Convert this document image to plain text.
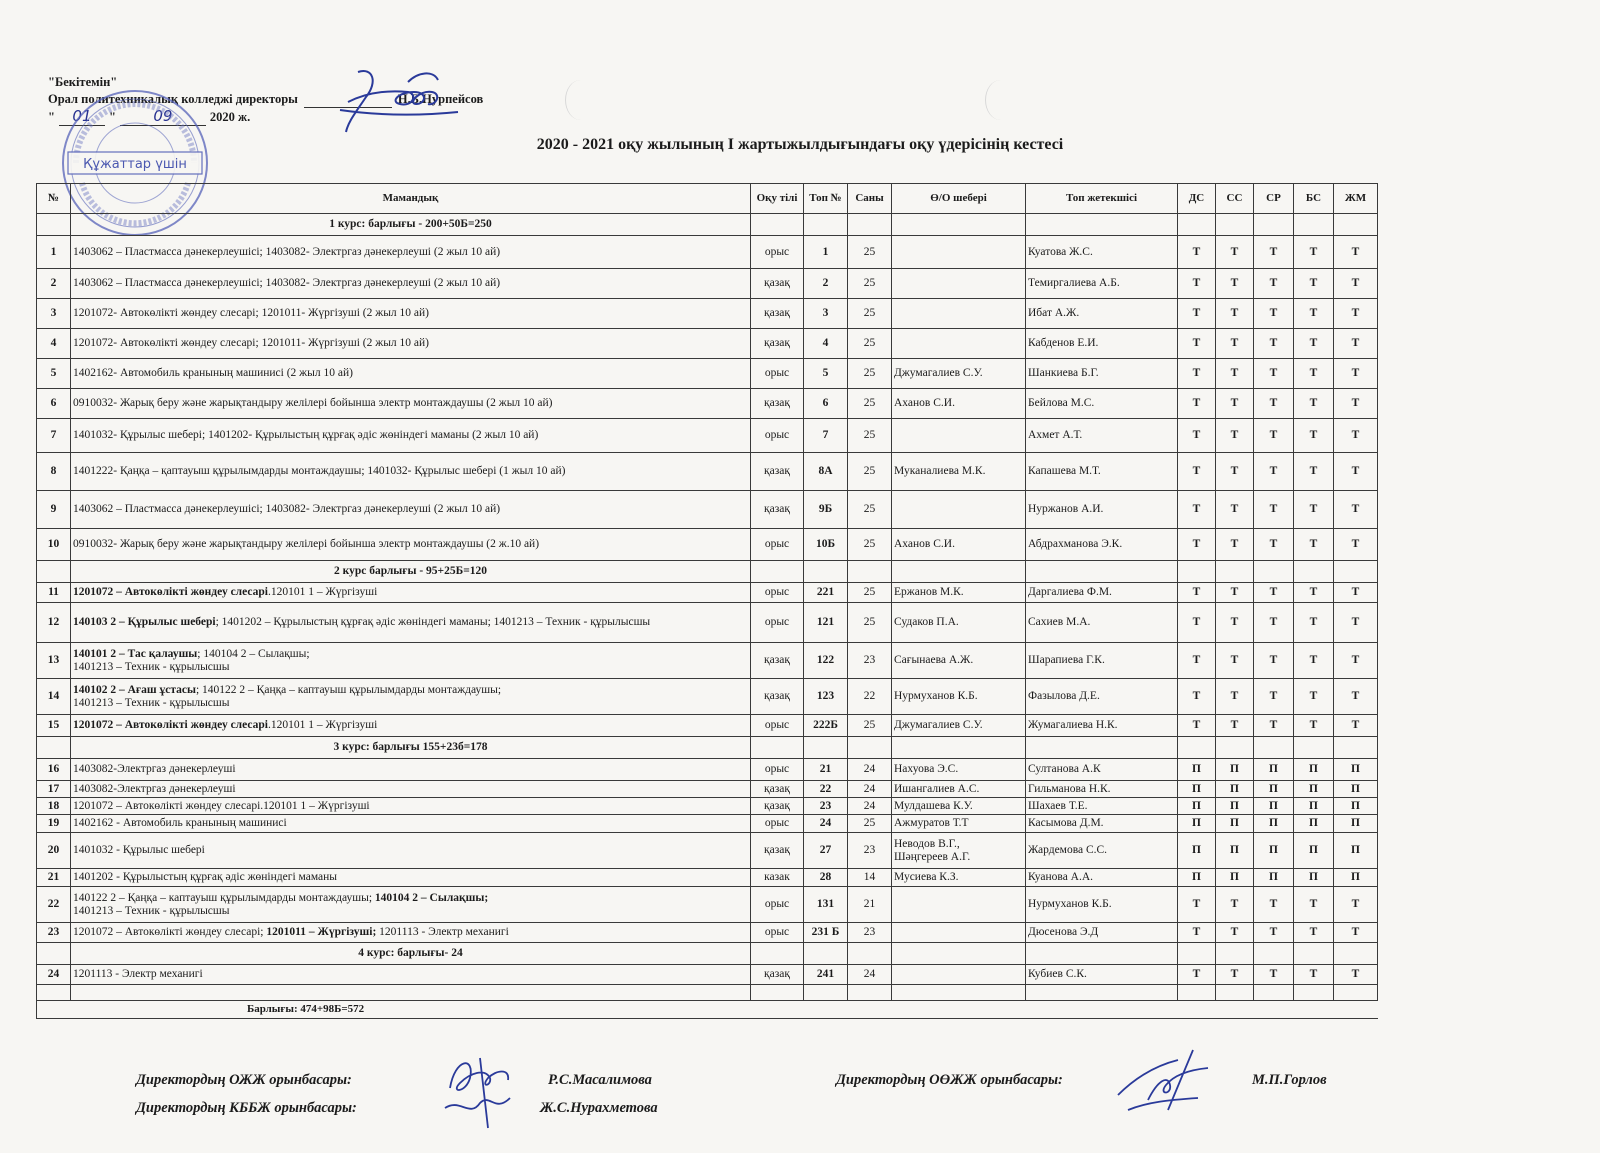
"Бекітемін"
Орал политехникалық колледжі директоры	Н.Б.Нурпейсов
"	01	"	09	2020 ж.
Құжаттар үшін
2020 - 2021 оқу жылының I жартыжылдығындағы оқу үдерісінің кестесі
№	Мамандық	Оқу тілі	Топ №	Саны	Ө/О шебері	Топ жетекшісі	ДС	СС	СР	БС	ЖМ
	1 курс: барлығы - 200+50Б=250										
1	1403062 – Пластмасса дәнекерлеушісі; 1403082- Электргаз дәнекерлеуші (2 жыл 10 ай)	орыс	1	25		Куатова Ж.С.	Т	Т	Т	Т	Т
2	1403062 – Пластмасса дәнекерлеушісі; 1403082- Электргаз дәнекерлеуші (2 жыл 10 ай)	қазақ	2	25		Темиргалиева А.Б.	Т	Т	Т	Т	Т
3	1201072- Автокөлікті жөндеу слесарі; 1201011- Жүргізуші (2 жыл 10 ай)	қазақ	3	25		Ибат А.Ж.	Т	Т	Т	Т	Т
4	1201072- Автокөлікті жөндеу слесарі; 1201011- Жүргізуші (2 жыл 10 ай)	қазақ	4	25		Кабденов Е.И.	Т	Т	Т	Т	Т
5	1402162- Автомобиль кранының машинисі (2 жыл 10 ай)	орыс	5	25	Джумагалиев С.У.	Шанкиева Б.Г.	Т	Т	Т	Т	Т
6	0910032- Жарық беру және жарықтандыру желілері бойынша электр монтаждаушы (2 жыл 10 ай)	қазақ	6	25	Аханов С.И.	Бейлова М.С.	Т	Т	Т	Т	Т
7	1401032- Құрылыс шебері; 1401202- Құрылыстың құрғақ әдіс жөніндегі маманы (2 жыл 10 ай)	орыс	7	25		Ахмет А.Т.	Т	Т	Т	Т	Т
8	1401222- Қаңқа – қаптауыш құрылымдарды монтаждаушы; 1401032- Құрылыс шебері (1 жыл 10 ай)	қазақ	8А	25	Муканалиева М.К.	Капашева М.Т.	Т	Т	Т	Т	Т
9	1403062 – Пластмасса дәнекерлеушісі; 1403082- Электргаз дәнекерлеуші (2 жыл 10 ай)	қазақ	9Б	25		Нуржанов А.И.	Т	Т	Т	Т	Т
10	0910032- Жарық беру және жарықтандыру желілері бойынша электр монтаждаушы (2 ж.10 ай)	орыс	10Б	25	Аханов С.И.	Абдрахманова Э.К.	Т	Т	Т	Т	Т
	2 курс барлығы - 95+25Б=120										
11	1201072 – Автокөлікті жөндеу слесарі.120101 1 – Жүргізуші	орыс	221	25	Ержанов М.К.	Даргалиева Ф.М.	Т	Т	Т	Т	Т
12	140103 2 – Құрылыс шебері; 1401202 – Құрылыстың құрғақ әдіс жөніндегі маманы; 1401213 – Техник - құрылысшы	орыс	121	25	Судаков П.А.	Сахиев М.А.	Т	Т	Т	Т	Т
13	140101 2 – Тас қалаушы; 140104 2 – Сылақшы;
1401213 – Техник - құрылысшы	қазақ	122	23	Сағынаева А.Ж.	Шарапиева Г.К.	Т	Т	Т	Т	Т
14	140102 2 – Ағаш ұстасы; 140122 2 – Қаңқа – каптауыш құрылымдарды монтаждаушы;
1401213 – Техник - құрылысшы	қазақ	123	22	Нурмуханов К.Б.	Фазылова Д.Е.	Т	Т	Т	Т	Т
15	1201072 – Автокөлікті жөндеу слесарі.120101 1 – Жүргізуші	орыс	222Б	25	Джумагалиев С.У.	Жумагалиева Н.К.	Т	Т	Т	Т	Т
	3 курс: барлығы 155+23б=178										
16	1403082-Электргаз дәнекерлеуші	орыс	21	24	Нахуова Э.С.	Султанова А.К	П	П	П	П	П
17	1403082-Электргаз дәнекерлеуші	қазақ	22	24	Ишангалиев А.С.	Гильманова Н.К.	П	П	П	П	П
18	1201072 – Автокөлікті жөндеу слесарі.120101 1 – Жүргізуші	қазақ	23	24	Мулдашева К.У.	Шахаев Т.Е.	П	П	П	П	П
19	1402162 - Автомобиль кранының машинисі	орыс	24	25	Ажмуратов Т.Т	Касымова Д.М.	П	П	П	П	П
20	1401032 - Құрылыс шебері	қазақ	27	23	Неводов В.Г.,
Шәңгереев А.Г.	Жардемова С.С.	П	П	П	П	П
21	1401202 - Құрылыстың құрғақ әдіс жөніндегі маманы	казак	28	14	Мусиева К.З.	Куанова А.А.	П	П	П	П	П
22	140122 2 – Қаңқа – каптауыш құрылымдарды монтаждаушы; 140104 2 – Сылақшы;
1401213 – Техник - құрылысшы	орыс	131	21		Нурмуханов К.Б.	Т	Т	Т	Т	Т
23	1201072 – Автокөлікті жөндеу слесарі; 1201011 – Жүргізуші; 1201113 - Электр механигі	орыс	231 Б	23		Дюсенова Э.Д	Т	Т	Т	Т	Т
	4 курс: барлығы- 24										
24	1201113 - Электр механигі	қазақ	241	24		Кубиев С.К.	Т	Т	Т	Т	Т

Барлығы: 474+98Б=572											
Директордың ОЖЖ орынбасары:	Р.С.Масалимова
Директордың КББЖ орынбасары:	Ж.С.Нурахметова
Директордың ОӨЖЖ орынбасары:	М.П.Горлов
